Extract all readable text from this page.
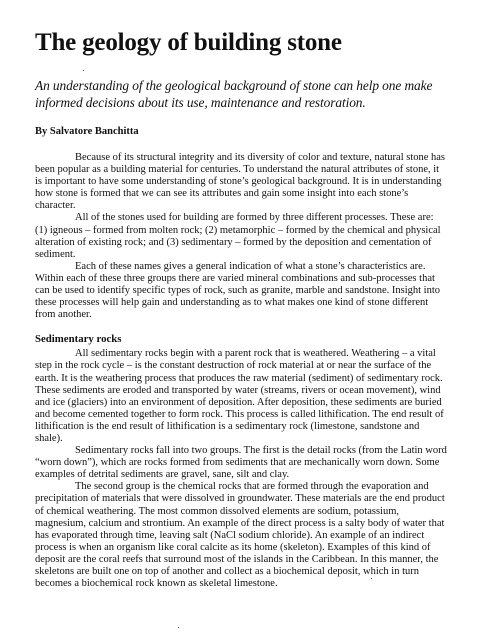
The geology of building stone

An understanding of the geological background of stone can help one make informed decisions about its use, maintenance and restoration.

By Salvatore Banchitta

Because of its structural integrity and its diversity of color and texture, natural stone has been popular as a building material for centuries. To understand the natural attributes of stone, it is important to have some understanding of stone’s geological background. It is in understanding how stone is formed that we can see its attributes and gain some insight into each stone’s character.

All of the stones used for building are formed by three different processes. These are: (1) igneous – formed from molten rock; (2) metamorphic – formed by the chemical and physical alteration of existing rock; and (3) sedimentary – formed by the deposition and cementation of sediment.

Each of these names gives a general indication of what a stone’s characteristics are. Within each of these three groups there are varied mineral combinations and sub-processes that can be used to identify specific types of rock, such as granite, marble and sandstone. Insight into these processes will help gain and understanding as to what makes one kind of stone different from another.

Sedimentary rocks

All sedimentary rocks begin with a parent rock that is weathered. Weathering – a vital step in the rock cycle – is the constant destruction of rock material at or near the surface of the earth. It is the weathering process that produces the raw material (sediment) of sedimentary rock. These sediments are eroded and transported by water (streams, rivers or ocean movement), wind and ice (glaciers) into an environment of deposition. After deposition, these sediments are buried and become cemented together to form rock. This process is called lithification. The end result of lithification is the end result of lithification is a sedimentary rock (limestone, sandstone and shale).

Sedimentary rocks fall into two groups. The first is the detail rocks (from the Latin word “worn down”), which are rocks formed from sediments that are mechanically worn down. Some examples of detrital sediments are gravel, sane, silt and clay.

The second group is the chemical rocks that are formed through the evaporation and precipitation of materials that were dissolved in groundwater. These materials are the end product of chemical weathering. The most common dissolved elements are sodium, potassium, magnesium, calcium and strontium. An example of the direct process is a salty body of water that has evaporated through time, leaving salt (NaCl sodium chloride). An example of an indirect process is when an organism like coral calcite as its home (skeleton). Examples of this kind of deposit are the coral reefs that surround most of the islands in the Caribbean. In this manner, the skeletons are built one on top of another and collect as a biochemical deposit, which in turn becomes a biochemical rock known as skeletal limestone.
